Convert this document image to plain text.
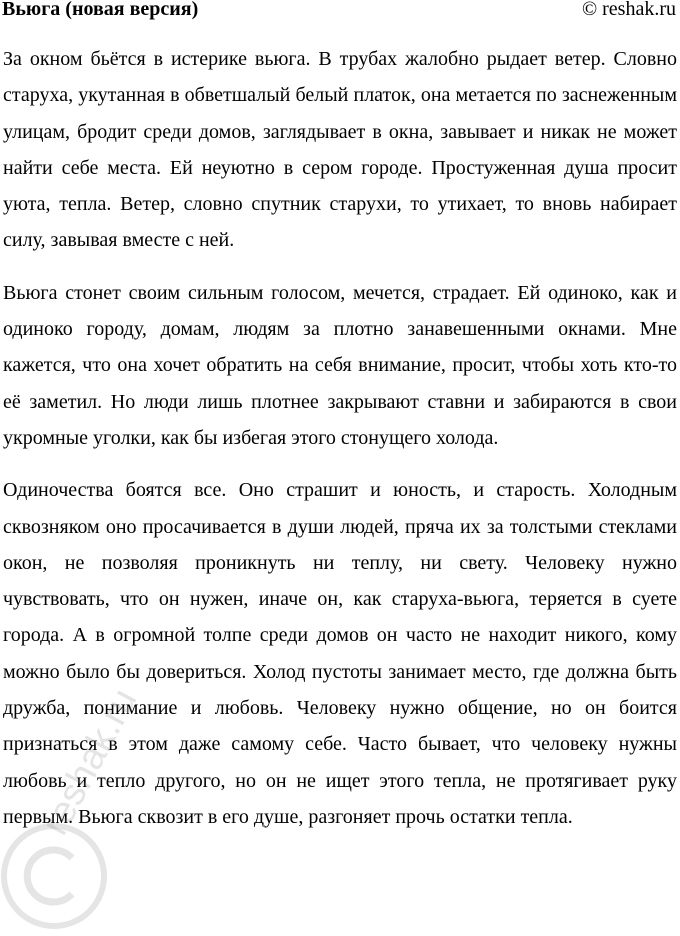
Вьюга (новая версия)	© reshak.ru

За окном бьётся в истерике вьюга. В трубах жалобно рыдает ветер. Словно старуха, укутанная в обветшалый белый платок, она метается по заснеженным улицам, бродит среди домов, заглядывает в окна, завывает и никак не может найти себе места. Ей неуютно в сером городе. Простуженная душа просит уюта, тепла. Ветер, словно спутник старухи, то утихает, то вновь набирает силу, завывая вместе с ней.

Вьюга стонет своим сильным голосом, мечется, страдает. Ей одиноко, как и одиноко городу, домам, людям за плотно занавешенными окнами. Мне кажется, что она хочет обратить на себя внимание, просит, чтобы хоть кто-то её заметил. Но люди лишь плотнее закрывают ставни и забираются в свои укромные уголки, как бы избегая этого стонущего холода.

Одиночества боятся все. Оно страшит и юность, и старость. Холодным сквозняком оно просачивается в души людей, пряча их за толстыми стеклами окон, не позволяя проникнуть ни теплу, ни свету. Человеку нужно чувствовать, что он нужен, иначе он, как старуха-вьюга, теряется в суете города. А в огромной толпе среди домов он часто не находит никого, кому можно было бы довериться. Холод пустоты занимает место, где должна быть дружба, понимание и любовь. Человеку нужно общение, но он боится признаться в этом даже самому себе. Часто бывает, что человеку нужны любовь и тепло другого, но он не ищет этого тепла, не протягивает руку первым. Вьюга сквозит в его душе, разгоняет прочь остатки тепла.

reshak.ru
